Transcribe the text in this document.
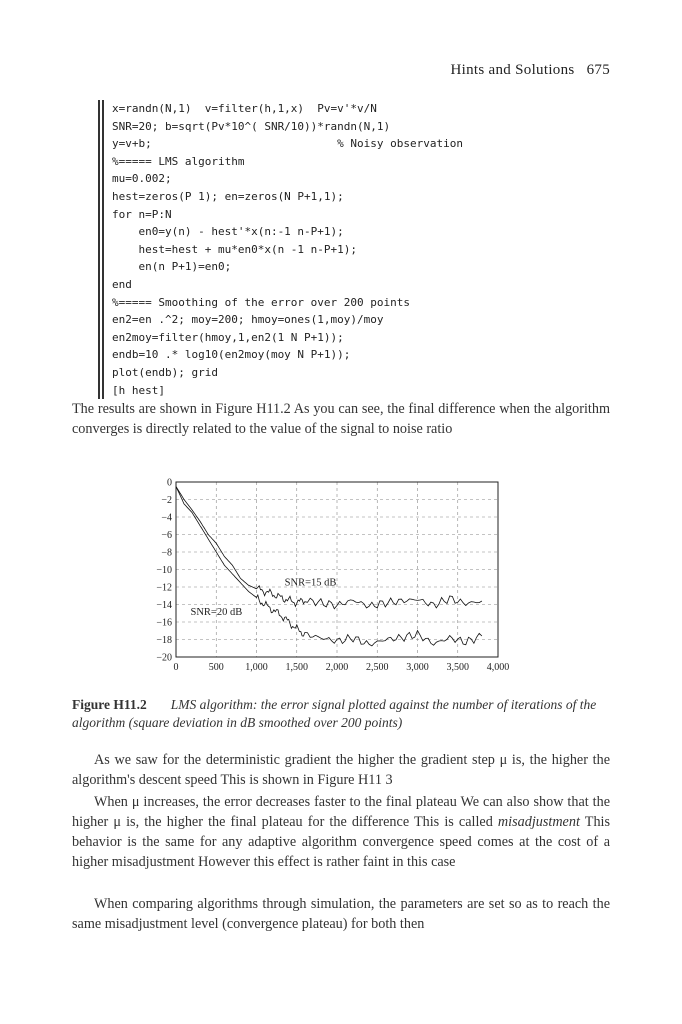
Hints and Solutions 675
x=randn(N,1)  v=filter(h,1,x)  Pv=v'*v/N
SNR=20; b=sqrt(Pv*10^( SNR/10))*randn(N,1)
y=v+b;                            % Noisy observation
%===== LMS algorithm
mu=0.002;
hest=zeros(P 1); en=zeros(N P+1,1);
for n=P:N
en0=y(n) - hest'*x(n:-1 n-P+1);
hest=hest + mu*en0*x(n -1 n-P+1);
en(n P+1)=en0;
end
%===== Smoothing of the error over 200 points
en2=en .^2; moy=200; hmoy=ones(1,moy)/moy
en2moy=filter(hmoy,1,en2(1 N P+1));
endb=10 .* log10(en2moy(moy N P+1));
plot(endb); grid
[h hest]

The results are shown in Figure H11.2 As you can see, the final difference when the algorithm converges is directly related to the value of the signal to noise ratio

0	500 1,000 1,500 2,000 2,500 3,000 3,500 4,000
0
−2
−4
−6
−8
−10
−12
−14
−16
−18
−20
SNR=15 dB
SNR=20 dB
Figure H11.2 LMS algorithm: the error signal plotted against the number of iterations of the algorithm (square deviation in dB smoothed over 200 points)

As we saw for the deterministic gradient the higher the gradient step μ is, the higher the algorithm's descent speed This is shown in Figure H11 3

When μ increases, the error decreases faster to the final plateau We can also show that the higher μ is, the higher the final plateau for the difference This is called misadjustment This behavior is the same for any adaptive algorithm convergence speed comes at the cost of a higher misadjustment However this effect is rather faint in this case

When comparing algorithms through simulation, the parameters are set so as to reach the same misadjustment level (convergence plateau) for both then
